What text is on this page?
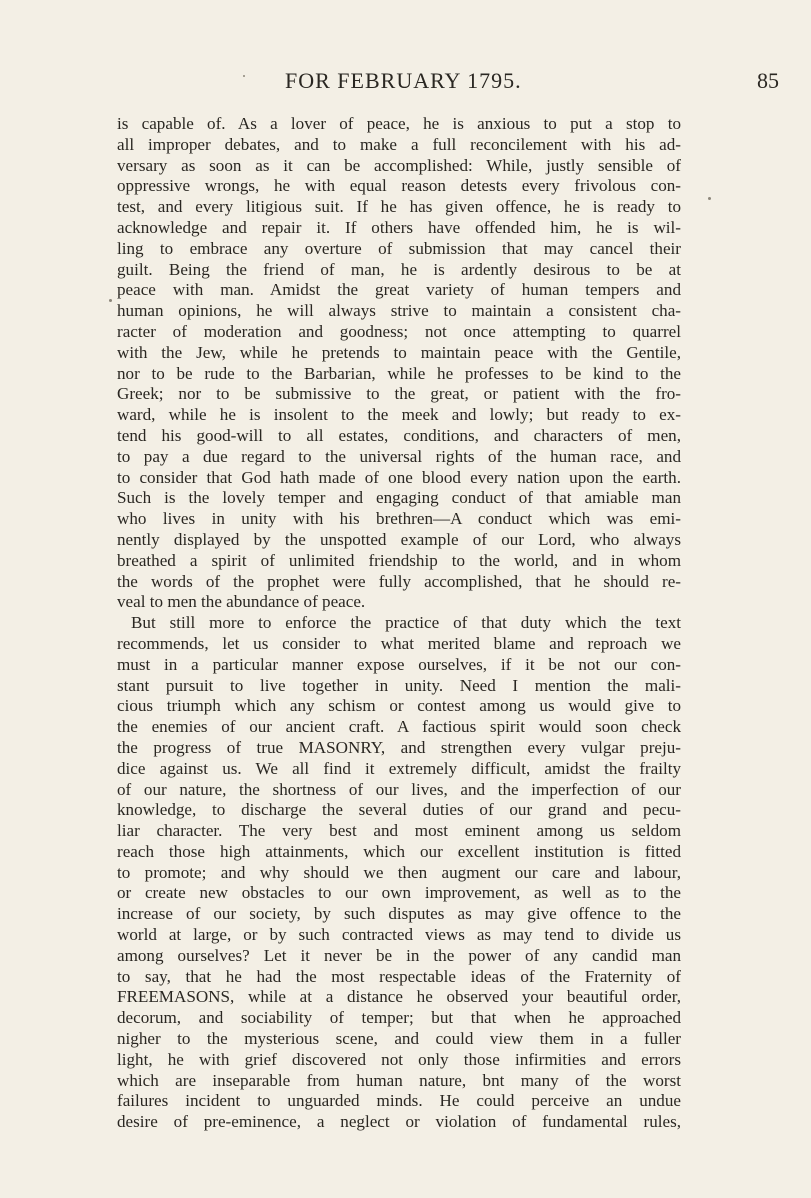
FOR FEBRUARY 1795.	85
is capable of. As a lover of peace, he is anxious to put a stop to
all improper debates, and to make a full reconcilement with his ad-
versary as soon as it can be accomplished: While, justly sensible of
oppressive wrongs, he with equal reason detests every frivolous con-
test, and every litigious suit. If he has given offence, he is ready to
acknowledge and repair it. If others have offended him, he is wil-
ling to embrace any overture of submission that may cancel their
guilt. Being the friend of man, he is ardently desirous to be at
peace with man. Amidst the great variety of human tempers and
human opinions, he will always strive to maintain a consistent cha-
racter of moderation and goodness; not once attempting to quarrel
with the Jew, while he pretends to maintain peace with the Gentile,
nor to be rude to the Barbarian, while he professes to be kind to the
Greek; nor to be submissive to the great, or patient with the fro-
ward, while he is insolent to the meek and lowly; but ready to ex-
tend his good-will to all estates, conditions, and characters of men,
to pay a due regard to the universal rights of the human race, and
to consider that God hath made of one blood every nation upon the earth.
Such is the lovely temper and engaging conduct of that amiable man
who lives in unity with his brethren—A conduct which was emi-
nently displayed by the unspotted example of our Lord, who always
breathed a spirit of unlimited friendship to the world, and in whom
the words of the prophet were fully accomplished, that he should re-
veal to men the abundance of peace.
But still more to enforce the practice of that duty which the text
recommends, let us consider to what merited blame and reproach we
must in a particular manner expose ourselves, if it be not our con-
stant pursuit to live together in unity. Need I mention the mali-
cious triumph which any schism or contest among us would give to
the enemies of our ancient craft. A factious spirit would soon check
the progress of true MASONRY, and strengthen every vulgar preju-
dice against us. We all find it extremely difficult, amidst the frailty
of our nature, the shortness of our lives, and the imperfection of our
knowledge, to discharge the several duties of our grand and pecu-
liar character. The very best and most eminent among us seldom
reach those high attainments, which our excellent institution is fitted
to promote; and why should we then augment our care and labour,
or create new obstacles to our own improvement, as well as to the
increase of our society, by such disputes as may give offence to the
world at large, or by such contracted views as may tend to divide us
among ourselves? Let it never be in the power of any candid man
to say, that he had the most respectable ideas of the Fraternity of
FREEMASONS, while at a distance he observed your beautiful order,
decorum, and sociability of temper; but that when he approached
nigher to the mysterious scene, and could view them in a fuller
light, he with grief discovered not only those infirmities and errors
which are inseparable from human nature, bnt many of the worst
failures incident to unguarded minds. He could perceive an undue
desire of pre-eminence, a neglect or violation of fundamental rules,
